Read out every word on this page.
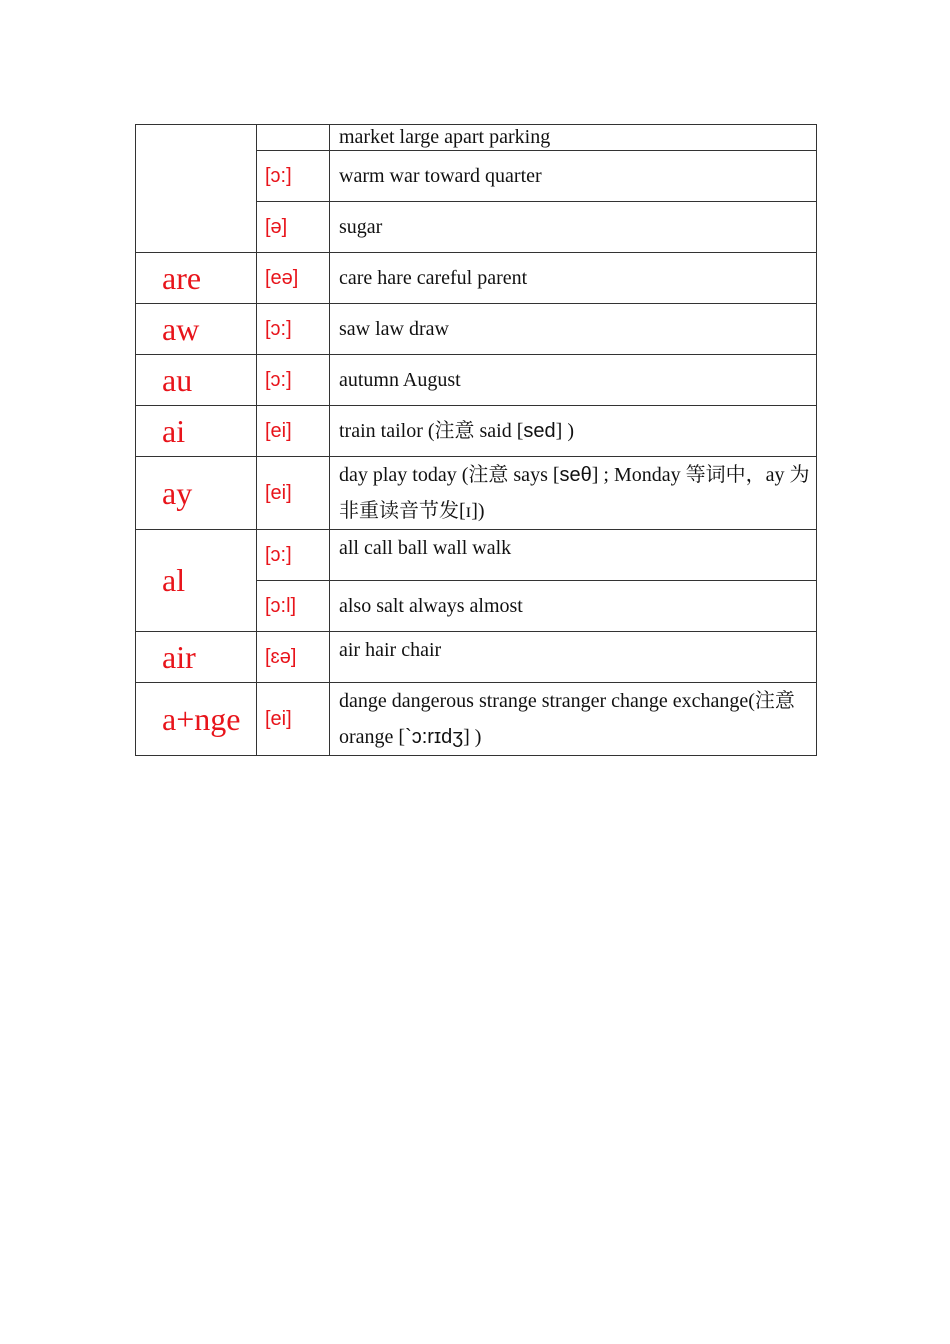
		market large apart parking
	[ɔ:]	warm war toward quarter
	[ə]	sugar
are	[eə]	care hare careful parent
aw	[ɔ:]	saw law draw
au	[ɔ:]	autumn August
ai	[ei]	train tailor (注意 said [sed] )
ay	[ei]	day play today (注意 says [seθ] ; Monday 等词中，ay 为非重读音节发[ɪ])
al	[ɔ:]	all call ball wall walk
	[ɔ:l]	also salt always almost
air	[ɛə]	air hair chair
a+nge	[ei]	dange dangerous strange stranger change exchange(注意 orange [`ɔ:rɪdʒ] )
